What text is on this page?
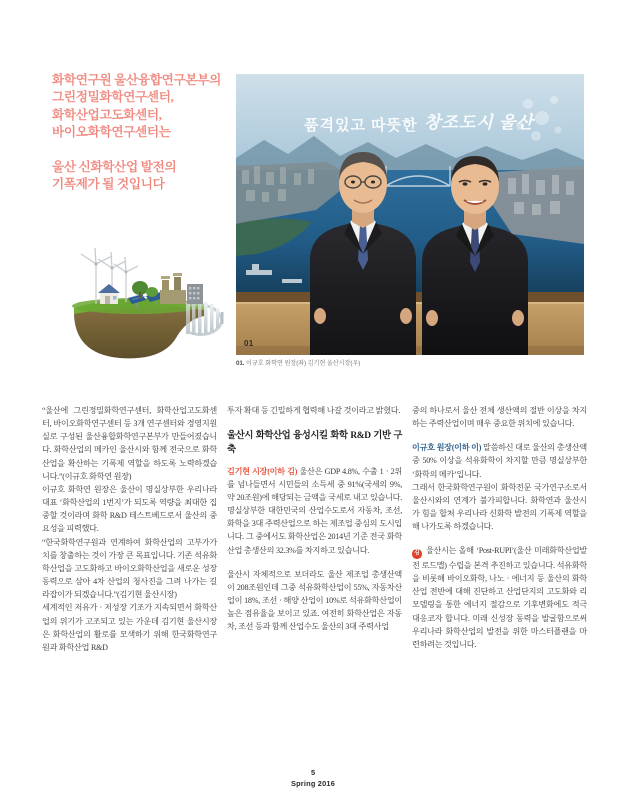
화학연구원 울산융합연구본부의
그린정밀화학연구센터,
화학산업고도화센터,
바이오화학연구센터는
울산 신화학산업 발전의
기폭제가 될 것입니다
품격있고 따뜻한 창조도시 울산
01
01. 이규호 화학연 원장(좌) 김기현 울산시장(우)

“울산에 그린정밀화학연구센터, 화학산업고도화센터, 바이오화학연구센터 등 3개 연구센터와 경영지원실로 구성된 울산융합화학연구본부가 만들어졌습니다. 화학산업의 메카인 울산시와 함께 전국으로 화학산업을 확산하는 기폭제 역할을 하도록 노력하겠습니다.”(이규호 화학연 원장)

이규호 화학연 원장은 울산이 명실상부한 우리나라 대표 ‘화학산업의 1번지’가 되도록 역량을 최대한 집중할 것이라며 화학 R&D 테스트베드로서 울산의 중요성을 피력했다.

“한국화학연구원과 연계하여 화학산업의 고부가가치를 창출하는 것이 가장 큰 목표입니다. 기존 석유화학산업을 고도화하고 바이오화학산업을 새로운 성장동력으로 삼아 4차 산업의 청사진을 그려 나가는 길라잡이가 되겠습니다.”(김기현 울산시장)

세계적인 저유가 · 저성장 기조가 지속되면서 화학산업의 위기가 고조되고 있는 가운데 김기현 울산시장은 화학산업의 활로를 모색하기 위해 한국화학연구원과 화학산업 R&D

투자 확대 등 긴밀하게 협력해 나갈 것이라고 밝혔다.

울산시 화학산업 융성시킬 화학 R&D 기반 구축

김기현 시장(이하 김) 울산은 GDP 4.8%, 수출 1 · 2위를 넘나들면서 시민들의 소득세 중 91%(국세의 9%, 약 20조원)에 해당되는 금액을 국세로 내고 있습니다. 명실상부한 대한민국의 산업수도로서 자동차, 조선, 화학을 3대 주력산업으로 하는 제조업 중심의 도시입니다. 그 중에서도 화학산업은 2014년 기준 전국 화학산업 총생산의 32.3%를 차지하고 있습니다.

울산시 자체적으로 보더라도 울산 제조업 총생산액이 208조원인데 그중 석유화학산업이 55%, 자동차산업이 18%, 조선 · 해양 산업이 10%로 석유화학산업이 높은 점유율을 보이고 있죠. 여전히 화학산업은 자동차, 조선 등과 함께 산업수도 울산의 3대 주력사업

중의 하나로서 울산 전체 생산액의 절반 이상을 차지하는 주력산업이며 매우 중요한 위치에 있습니다.

이규호 원장(이하 이) 말씀하신 대로 울산의 총생산액 중 50% 이상을 석유화학이 차지할 만큼 명실상부한 ‘화학의 메카’입니다.

그래서 한국화학연구원이 화학전문 국가연구소로서 울산시와의 연계가 불가피합니다. 화학연과 울산시가 힘을 합쳐 우리나라 신화학 발전의 기폭제 역할을 해 나가도록 하겠습니다.

김 울산시는 올해 ‘Post-RUPI’(울산 미래화학산업발전 로드맵) 수립을 본격 추진하고 있습니다. 석유화학을 비롯해 바이오화학, 나노 · 에너지 등 울산의 화학산업 전반에 대해 진단하고 산업단지의 고도화와 리모델링을 통한 에너지 절감으로 기후변화에도 적극 대응코자 합니다. 미래 신성장 동력을 발굴함으로써 우리나라 화학산업의 발전을 위한 마스터플랜을 마련하려는 것입니다.

5
Spring 2016
